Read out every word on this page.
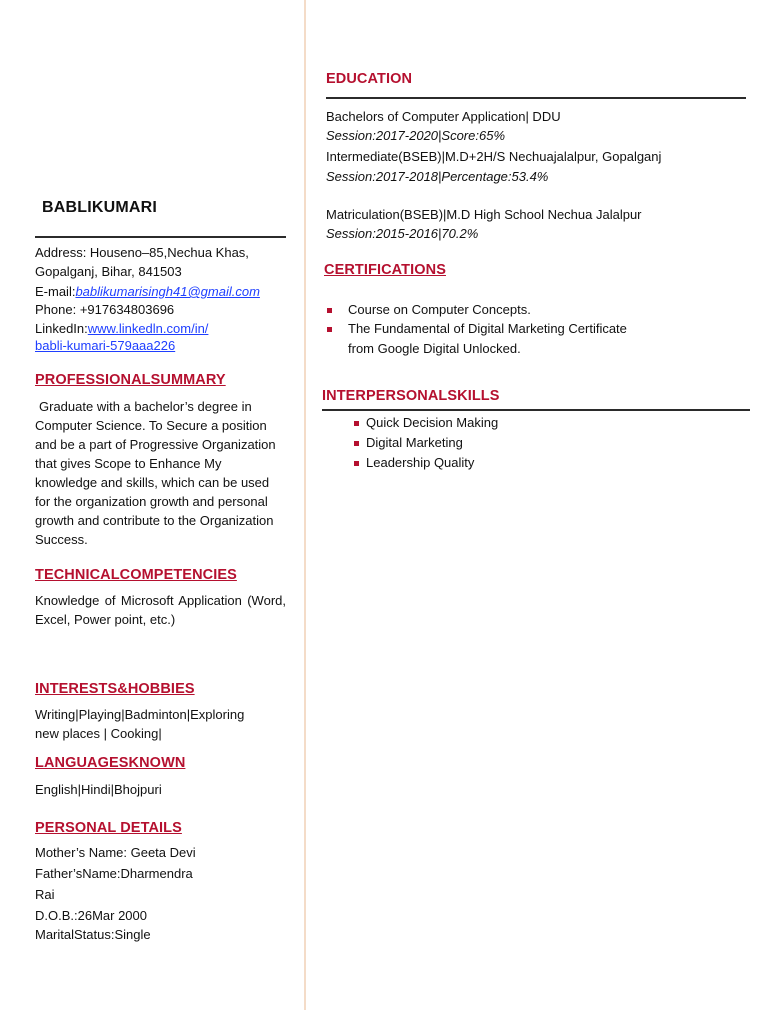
BABLIKUMARI
Address: Houseno–85,Nechua Khas,
Gopalganj, Bihar, 841503
E-mail:bablikumarisingh41@gmail.com
Phone: +917634803696
LinkedIn:www.linkedln.com/in/
babli-kumari-579aaa226
PROFESSIONALSUMMARY
Graduate with a bachelor’s degree in Computer Science. To Secure a position and be a part of Progressive Organization that gives Scope to Enhance My knowledge and skills, which can be used for the organization growth and personal growth and contribute to the Organization Success.
TECHNICALCOMPETENCIES
Knowledge of Microsoft Application (Word, Excel, Power point, etc.)
INTERESTS&HOBBIES
Writing|Playing|Badminton|Exploring
new places | Cooking|
LANGUAGESKNOWN
English|Hindi|Bhojpuri
PERSONAL DETAILS
Mother’s Name: Geeta Devi
Father’sName:Dharmendra
Rai
D.O.B.:26Mar 2000
MaritalStatus:Single
EDUCATION
Bachelors of Computer Application| DDU
Session:2017-2020|Score:65%
Intermediate(BSEB)|M.D+2H/S Nechuajalalpur, Gopalganj
Session:2017-2018|Percentage:53.4%
Matriculation(BSEB)|M.D High School Nechua Jalalpur
Session:2015-2016|70.2%
CERTIFICATIONS
Course on Computer Concepts.
The Fundamental of Digital Marketing Certificate
from Google Digital Unlocked.
INTERPERSONALSKILLS
Quick Decision Making
Digital Marketing
Leadership Quality
